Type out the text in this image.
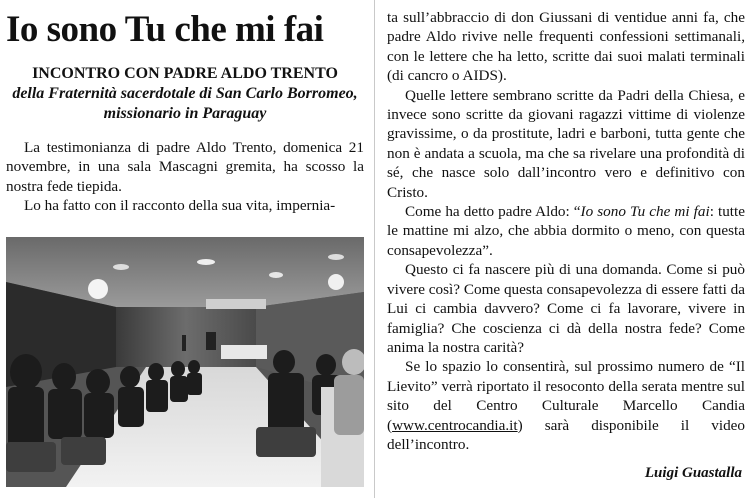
Io sono Tu che mi fai
INCONTRO CON PADRE ALDO TRENTO
della Fraternità sacerdotale di San Carlo Borromeo, missionario in Paraguay

La testimonianza di padre Aldo Trento, domenica 21 novembre, in una sala Mascagni gremita, ha scosso la nostra fede tiepida.

Lo ha fatto con il racconto della sua vita, impernia-

ta sull’abbraccio di don Giussani di ventidue anni fa, che padre Aldo rivive nelle frequenti confessioni settimanali, con le lettere che ha letto, scritte dai suoi malati terminali (di cancro o AIDS).

Quelle lettere sembrano scritte da Padri della Chiesa, e invece sono scritte da giovani ragazzi vittime di violenze gravissime, o da prostitute, ladri e barboni, tutta gente che non è andata a scuola, ma che sa rivelare una profondità di sé, che nasce solo dall’incontro vero e definitivo con Cristo.

Come ha detto padre Aldo: “Io sono Tu che mi fai: tutte le mattine mi alzo, che abbia dormito o meno, con questa consapevolezza”.

Questo ci fa nascere più di una domanda. Come si può vivere così? Come questa consapevolezza di essere fatti da Lui ci cambia davvero? Come ci fa lavorare, vivere in famiglia? Che coscienza ci dà della nostra fede? Come anima la nostra carità?

Se lo spazio lo consentirà, sul prossimo numero de “Il Lievito” verrà riportato il resoconto della serata mentre sul sito del Centro Culturale Marcello Candia (www.centrocandia.it) sarà disponibile il video dell’incontro.

Luigi Guastalla
